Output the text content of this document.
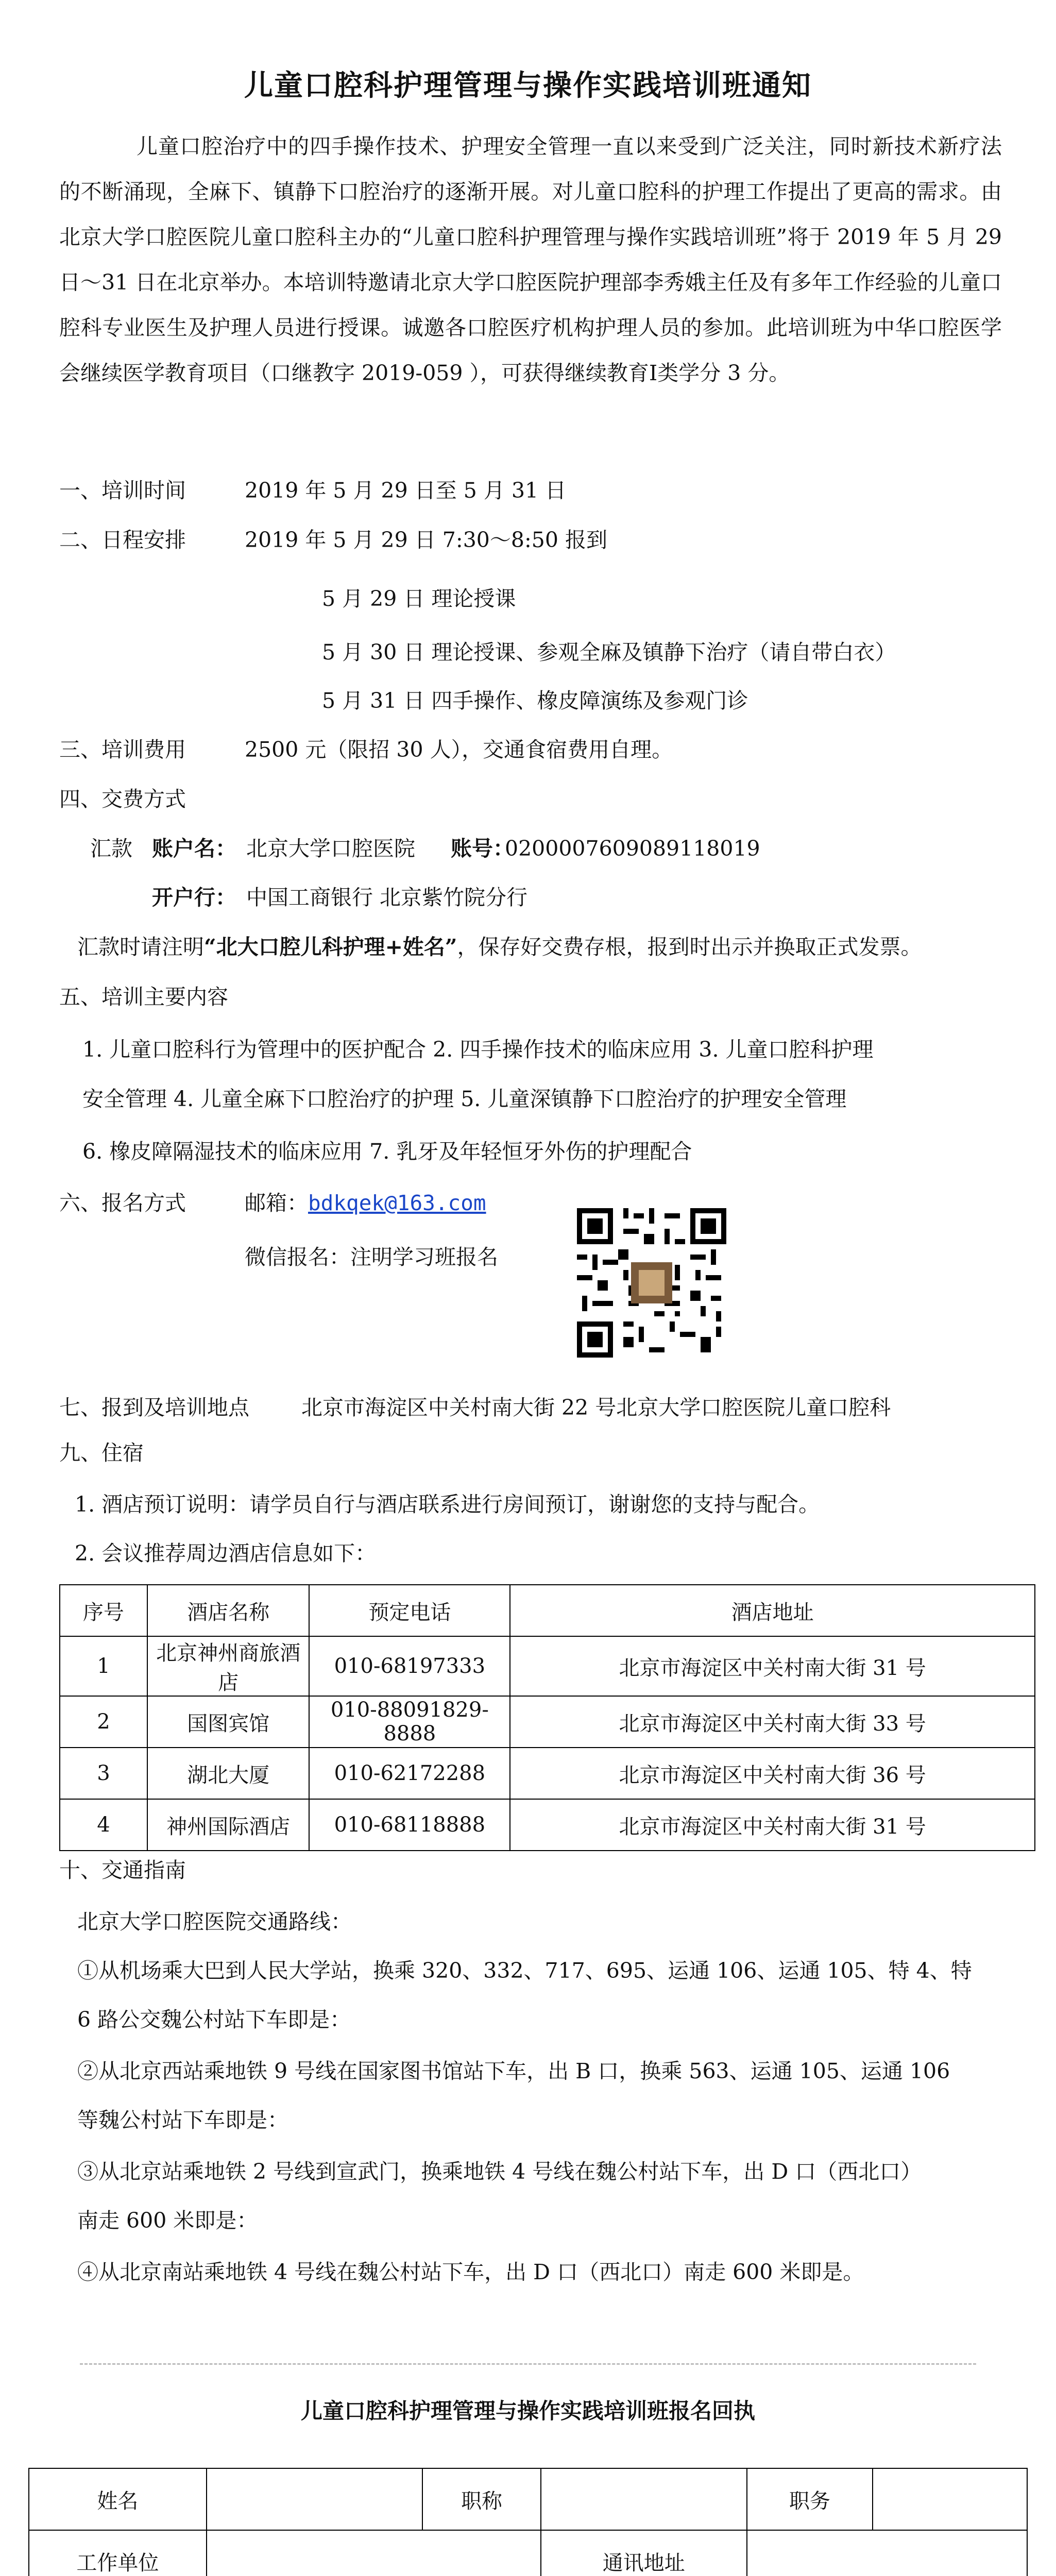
儿童口腔科护理管理与操作实践培训班通知
儿童口腔治疗中的四手操作技术、护理安全管理一直以来受到广泛关注，同时新技术新疗法的不断涌现，全麻下、镇静下口腔治疗的逐渐开展。对儿童口腔科的护理工作提出了更高的需求。由北京大学口腔医院儿童口腔科主办的“儿童口腔科护理管理与操作实践培训班”将于 2019 年 5 月 29 日～31 日在北京举办。本培训特邀请北京大学口腔医院护理部李秀娥主任及有多年工作经验的儿童口腔科专业医生及护理人员进行授课。诚邀各口腔医疗机构护理人员的参加。此培训班为中华口腔医学会继续医学教育项目（口继教字 2019-059 ），可获得继续教育Ⅰ类学分 3 分。
一、培训时间	2019 年 5 月 29 日至 5 月 31 日
二、日程安排	2019 年 5 月 29 日 7:30～8:50 报到
5 月 29 日 理论授课
5 月 30 日 理论授课、参观全麻及镇静下治疗（请自带白衣）
5 月 31 日 四手操作、橡皮障演练及参观门诊
三、培训费用	2500 元（限招 30 人），交通食宿费用自理。
四、交费方式
汇款 账户名： 北京大学口腔医院 账号：
0200007609089118019
开户行： 中国工商银行 北京紫竹院分行
汇款时请注明“北大口腔儿科护理+姓名”，保存好交费存根，报到时出示并换取正式发票。
五、培训主要内容
1. 儿童口腔科行为管理中的医护配合 2. 四手操作技术的临床应用 3. 儿童口腔科护理
安全管理 4. 儿童全麻下口腔治疗的护理 5. 儿童深镇静下口腔治疗的护理安全管理
6. 橡皮障隔湿技术的临床应用 7. 乳牙及年轻恒牙外伤的护理配合
六、报名方式	邮箱： bdkqek@163.com
微信报名：注明学习班报名
七、报到及培训地点 北京市海淀区中关村南大街 22 号北京大学口腔医院儿童口腔科
九、住宿
1. 酒店预订说明：请学员自行与酒店联系进行房间预订，谢谢您的支持与配合。
2. 会议推荐周边酒店信息如下：
序号	酒店名称	预定电话	酒店地址
1	北京神州商旅酒店	010-68197333	北京市海淀区中关村南大街 31 号
2	国图宾馆	010-88091829-8888	北京市海淀区中关村南大街 33 号
3	湖北大厦	010-62172288	北京市海淀区中关村南大街 36 号
4	神州国际酒店	010-68118888	北京市海淀区中关村南大街 31 号
十、交通指南
北京大学口腔医院交通路线：
①从机场乘大巴到人民大学站，换乘 320、332、717、695、运通 106、运通 105、特 4、特
6 路公交魏公村站下车即是：
②从北京西站乘地铁 9 号线在国家图书馆站下车，出 B 口，换乘 563、运通 105、运通 106
等魏公村站下车即是：
③从北京站乘地铁 2 号线到宣武门，换乘地铁 4 号线在魏公村站下车，出 D 口（西北口）
南走 600 米即是：
④从北京南站乘地铁 4 号线在魏公村站下车，出 D 口（西北口）南走 600 米即是。
儿童口腔科护理管理与操作实践培训班报名回执
姓名		职称		职务	
工作单位			通讯地址		
